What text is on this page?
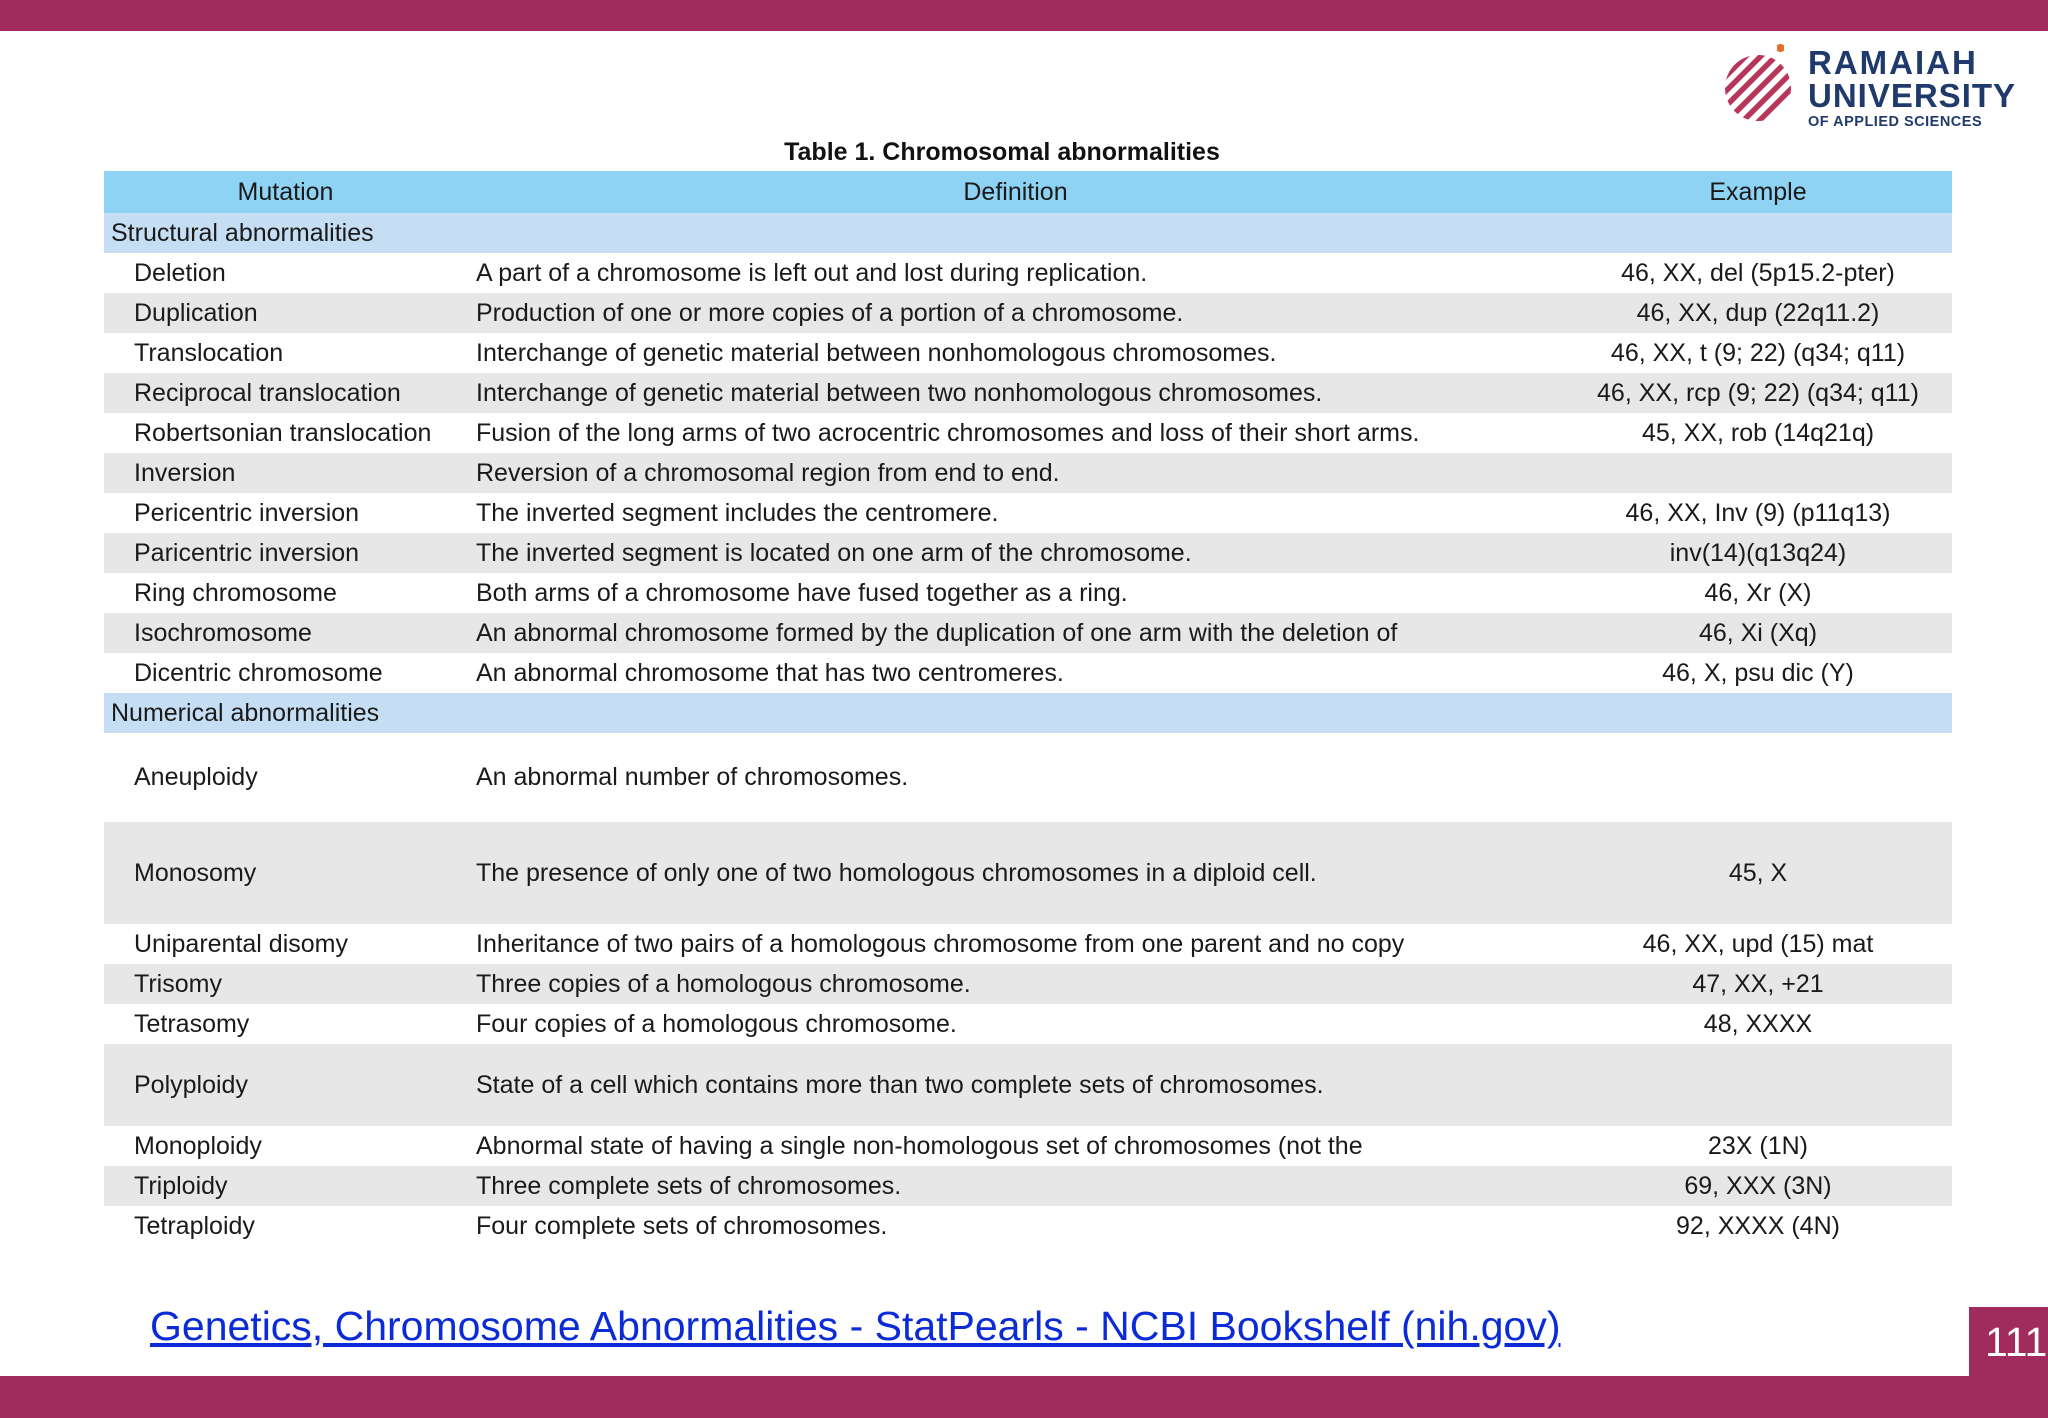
RAMAIAH
UNIVERSITY
OF APPLIED SCIENCES
Table 1. Chromosomal abnormalities
Mutation	Definition	Example
Structural abnormalities		
Deletion	A part of a chromosome is left out and lost during replication.	46, XX, del (5p15.2-pter)
Duplication	Production of one or more copies of a portion of a chromosome.	46, XX, dup (22q11.2)
Translocation	Interchange of genetic material between nonhomologous chromosomes.	46, XX, t (9; 22) (q34; q11)
Reciprocal translocation	Interchange of genetic material between two nonhomologous chromosomes.	46, XX, rcp (9; 22) (q34; q11)
Robertsonian translocation	Fusion of the long arms of two acrocentric chromosomes and loss of their short arms.	45, XX, rob (14q21q)
Inversion	Reversion of a chromosomal region from end to end.	
Pericentric inversion	The inverted segment includes the centromere.	46, XX, Inv (9) (p11q13)
Paricentric inversion	The inverted segment is located on one arm of the chromosome.	inv(14)(q13q24)
Ring chromosome	Both arms of a chromosome have fused together as a ring.	46, Xr (X)
Isochromosome	An abnormal chromosome formed by the duplication of one arm with the deletion of	46, Xi (Xq)
Dicentric chromosome	An abnormal chromosome that has two centromeres.	46, X, psu dic (Y)
Numerical abnormalities		
Aneuploidy	An abnormal number of chromosomes.	
Monosomy	The presence of only one of two homologous chromosomes in a diploid cell.	45, X
Uniparental disomy	Inheritance of two pairs of a homologous chromosome from one parent and no copy	46, XX, upd (15) mat
Trisomy	Three copies of a homologous chromosome.	47, XX, +21
Tetrasomy	Four copies of a homologous chromosome.	48, XXXX
Polyploidy	State of a cell which contains more than two complete sets of chromosomes.	
Monoploidy	Abnormal state of having a single non-homologous set of chromosomes (not the	23X (1N)
Triploidy	Three complete sets of chromosomes.	69, XXX (3N)
Tetraploidy	Four complete sets of chromosomes.	92, XXXX (4N)
Genetics, Chromosome Abnormalities - StatPearls - NCBI Bookshelf (nih.gov)	111
